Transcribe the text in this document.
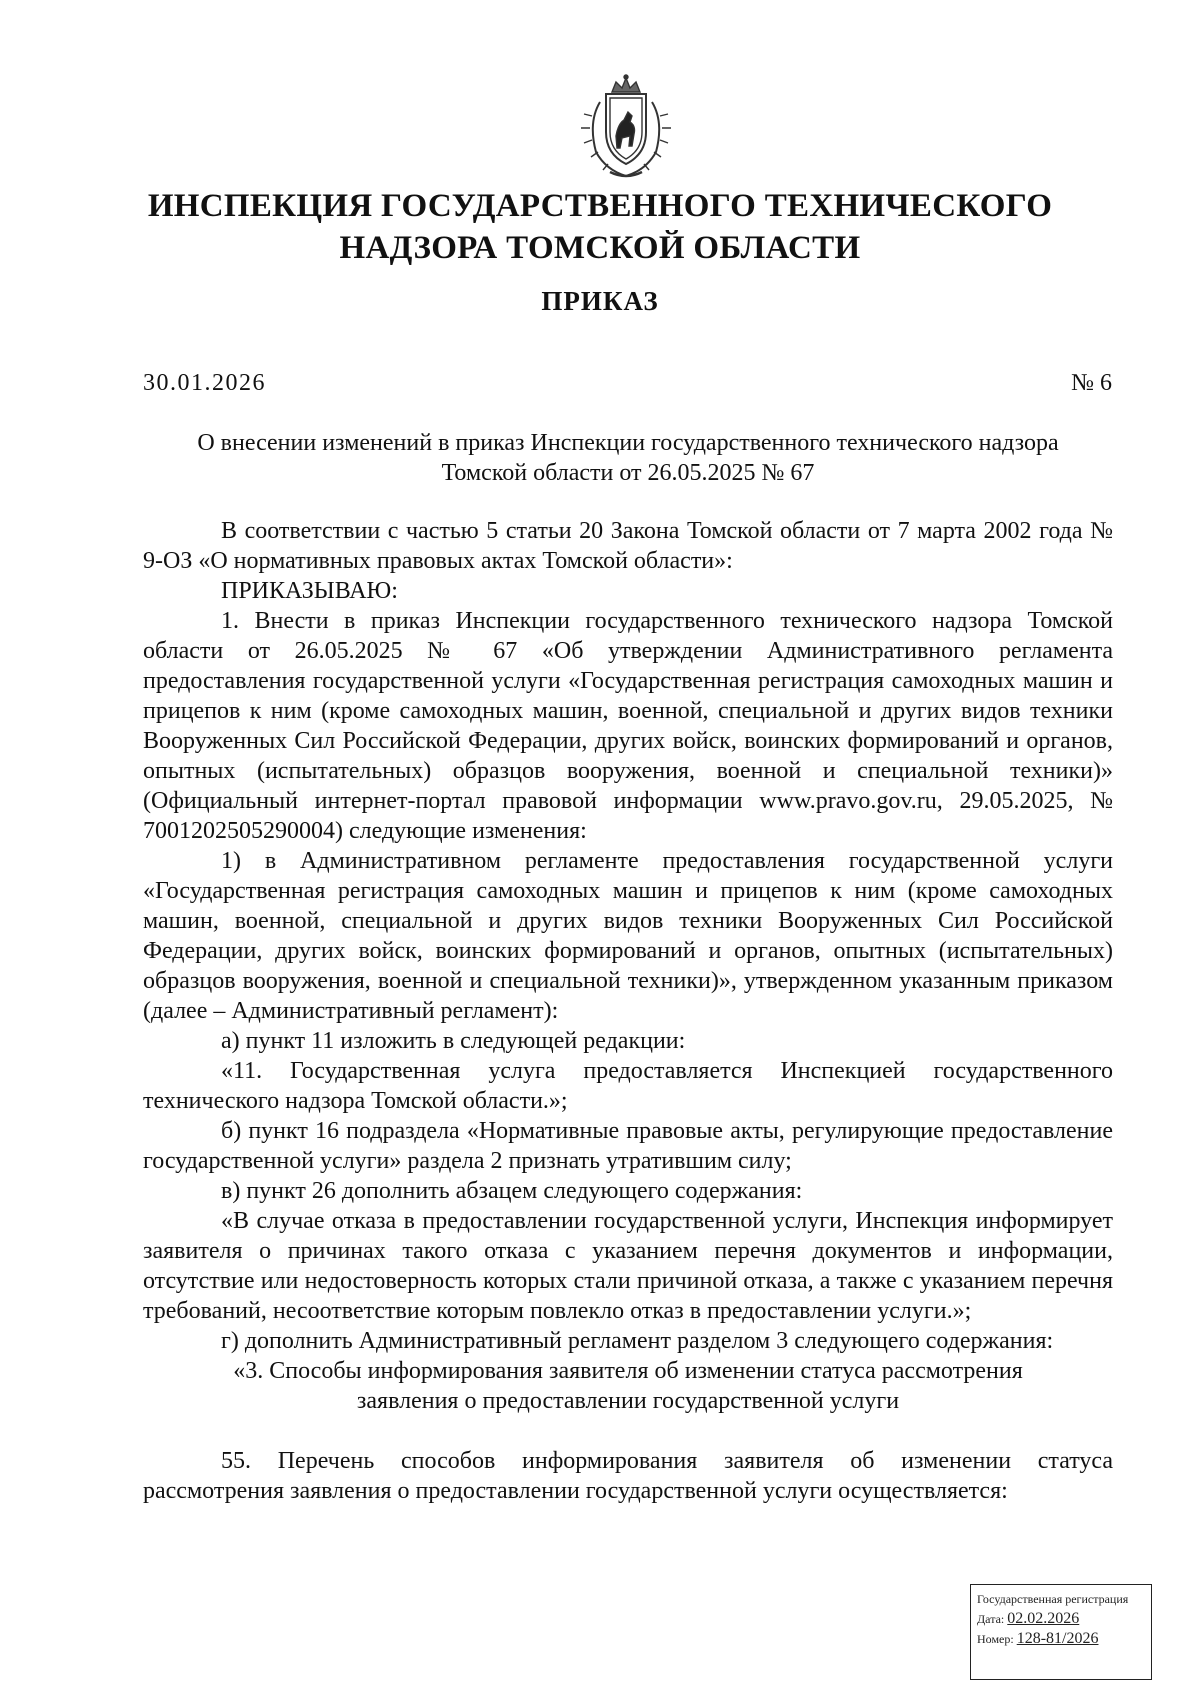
ИНСПЕКЦИЯ ГОСУДАРСТВЕННОГО ТЕХНИЧЕСКОГО
НАДЗОРА ТОМСКОЙ ОБЛАСТИ
ПРИКАЗ
30.01.2026	№ 6
О внесении изменений в приказ Инспекции государственного технического надзора
Томской области от 26.05.2025 № 67

В соответствии с частью 5 статьи 20 Закона Томской области от 7 марта 2002 года № 9-ОЗ «О нормативных правовых актах Томской области»:

ПРИКАЗЫВАЮ:

1. Внести в приказ Инспекции государственного технического надзора Томской области от 26.05.2025 № 67 «Об утверждении Административного регламента предоставления государственной услуги «Государственная регистрация самоходных машин и прицепов к ним (кроме самоходных машин, военной, специальной и других видов техники Вооруженных Сил Российской Федерации, других войск, воинских формирований и органов, опытных (испытательных) образцов вооружения, военной и специальной техники)» (Официальный интернет-портал правовой информации www.pravo.gov.ru, 29.05.2025, № 7001202505290004) следующие изменения:

1) в Административном регламенте предоставления государственной услуги «Государственная регистрация самоходных машин и прицепов к ним (кроме самоходных машин, военной, специальной и других видов техники Вооруженных Сил Российской Федерации, других войск, воинских формирований и органов, опытных (испытательных) образцов вооружения, военной и специальной техники)», утвержденном указанным приказом (далее – Административный регламент):

а) пункт 11 изложить в следующей редакции:

«11. Государственная услуга предоставляется Инспекцией государственного технического надзора Томской области.»;

б) пункт 16 подраздела «Нормативные правовые акты, регулирующие предоставление государственной услуги» раздела 2 признать утратившим силу;

в) пункт 26 дополнить абзацем следующего содержания:

«В случае отказа в предоставлении государственной услуги, Инспекция информирует заявителя о причинах такого отказа с указанием перечня документов и информации, отсутствие или недостоверность которых стали причиной отказа, а также с указанием перечня требований, несоответствие которым повлекло отказ в предоставлении услуги.»;

г) дополнить Административный регламент разделом 3 следующего содержания:

«3. Способы информирования заявителя об изменении статуса рассмотрения
заявления о предоставлении государственной услуги

55. Перечень способов информирования заявителя об изменении статуса рассмотрения заявления о предоставлении государственной услуги осуществляется:

Государственная регистрация
Дата: 02.02.2026
Номер: 128-81/2026
